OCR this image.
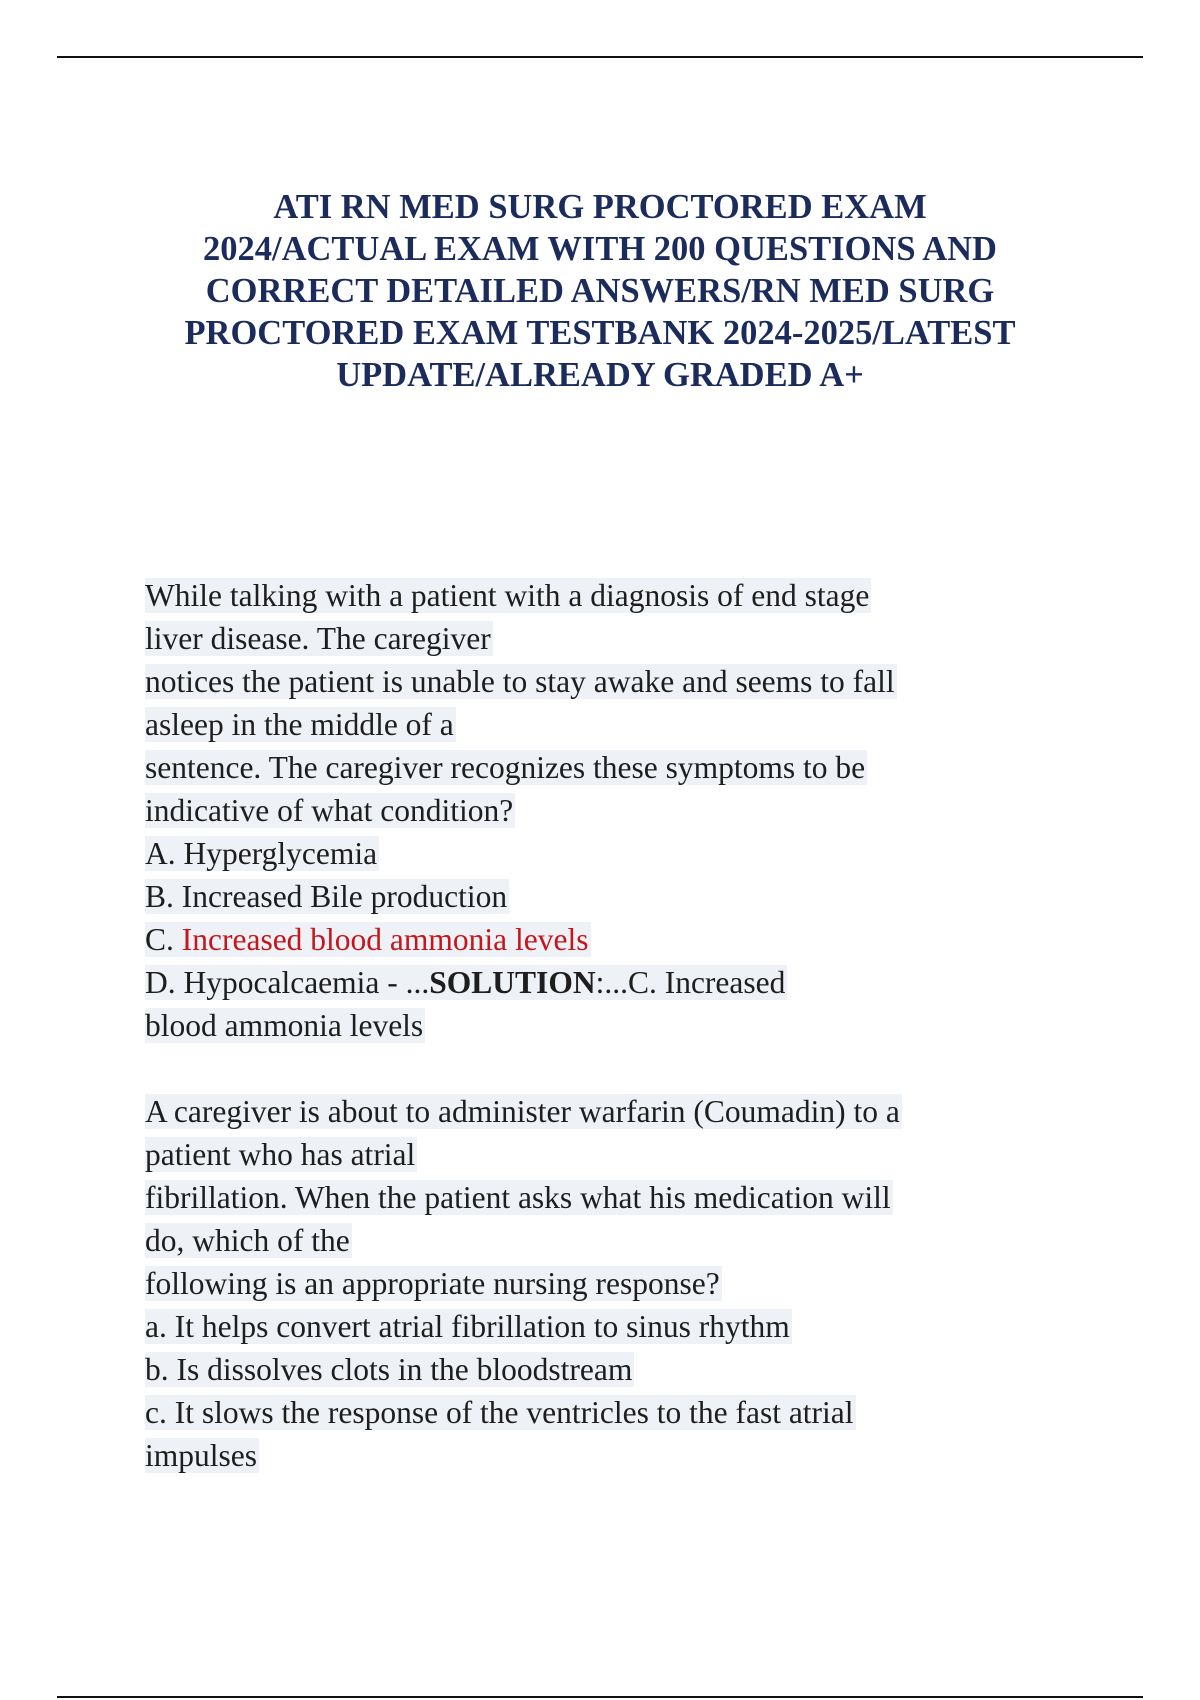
ATI RN MED SURG PROCTORED EXAM
2024/ACTUAL EXAM WITH 200 QUESTIONS AND
CORRECT DETAILED ANSWERS/RN MED SURG
PROCTORED EXAM TESTBANK 2024-2025/LATEST
UPDATE/ALREADY GRADED A+
While talking with a patient with a diagnosis of end stage
liver disease. The caregiver
notices the patient is unable to stay awake and seems to fall
asleep in the middle of a
sentence. The caregiver recognizes these symptoms to be
indicative of what condition?
A. Hyperglycemia
B. Increased Bile production
C. Increased blood ammonia levels
D. Hypocalcaemia - ...SOLUTION:...C. Increased
blood ammonia levels
A caregiver is about to administer warfarin (Coumadin) to a
patient who has atrial
fibrillation. When the patient asks what his medication will
do, which of the
following is an appropriate nursing response?
a. It helps convert atrial fibrillation to sinus rhythm
b. Is dissolves clots in the bloodstream
c. It slows the response of the ventricles to the fast atrial
impulses
